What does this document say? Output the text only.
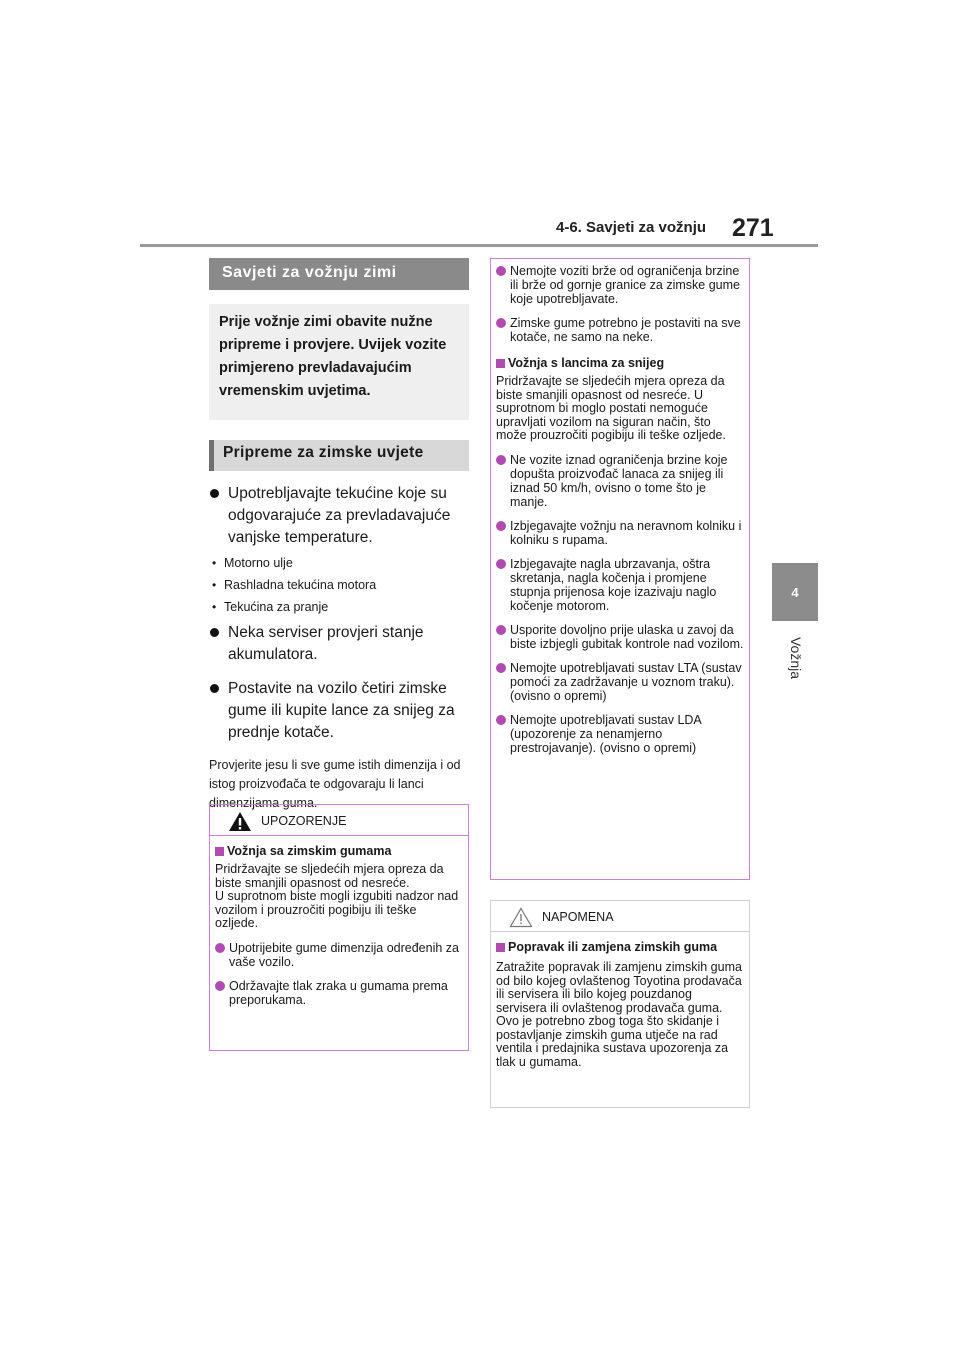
4-6. Savjeti za vožnju 271
4
Vožnja
Savjeti za vožnju zimi
Prije vožnje zimi obavite nužne pripreme i provjere. Uvijek vozite primjereno prevladavajućim vremenskim uvjetima.
Pripreme za zimske uvjete
Upotrebljavajte tekućine koje su odgovarajuće za prevladavajuće vanjske temperature.
• Motorno ulje
• Rashladna tekućina motora
• Tekućina za pranje
Neka serviser provjeri stanje akumulatora.
Postavite na vozilo četiri zimske gume ili kupite lance za snijeg za prednje kotače.
Provjerite jesu li sve gume istih dimenzija i od istog proizvođača te odgovaraju li lanci dimenzijama guma.
UPOZORENJE
Vožnja sa zimskim gumama

Pridržavajte se sljedećih mjera opreza da biste smanjili opasnost od nesreće.
U suprotnom biste mogli izgubiti nadzor nad vozilom i prouzročiti pogibiju ili teške ozljede.

Upotrijebite gume dimenzija određenih za vaše vozilo.
Održavajte tlak zraka u gumama prema preporukama.
Nemojte voziti brže od ograničenja brzine ili brže od gornje granice za zimske gume koje upotrebljavate.
Zimske gume potrebno je postaviti na sve kotače, ne samo na neke.
Vožnja s lancima za snijeg

Pridržavajte se sljedećih mjera opreza da biste smanjili opasnost od nesreće. U suprotnom bi moglo postati nemoguće upravljati vozilom na siguran način, što može prouzročiti pogibiju ili teške ozljede.

Ne vozite iznad ograničenja brzine koje dopušta proizvođač lanaca za snijeg ili iznad 50 km/h, ovisno o tome što je manje.
Izbjegavajte vožnju na neravnom kolniku i kolniku s rupama.
Izbjegavajte nagla ubrzavanja, oštra skretanja, nagla kočenja i promjene stupnja prijenosa koje izazivaju naglo kočenje motorom.
Usporite dovoljno prije ulaska u zavoj da biste izbjegli gubitak kontrole nad vozilom.
Nemojte upotrebljavati sustav LTA (sustav pomoći za zadržavanje u voznom traku). (ovisno o opremi)
Nemojte upotrebljavati sustav LDA (upozorenje za nenamjerno prestrojavanje). (ovisno o opremi)
NAPOMENA
Popravak ili zamjena zimskih guma

Zatražite popravak ili zamjenu zimskih guma od bilo kojeg ovlaštenog Toyotina prodavača ili servisera ili bilo kojeg pouzdanog servisera ili ovlaštenog prodavača guma.
Ovo je potrebno zbog toga što skidanje i postavljanje zimskih guma utječe na rad ventila i predajnika sustava upozorenja za tlak u gumama.
